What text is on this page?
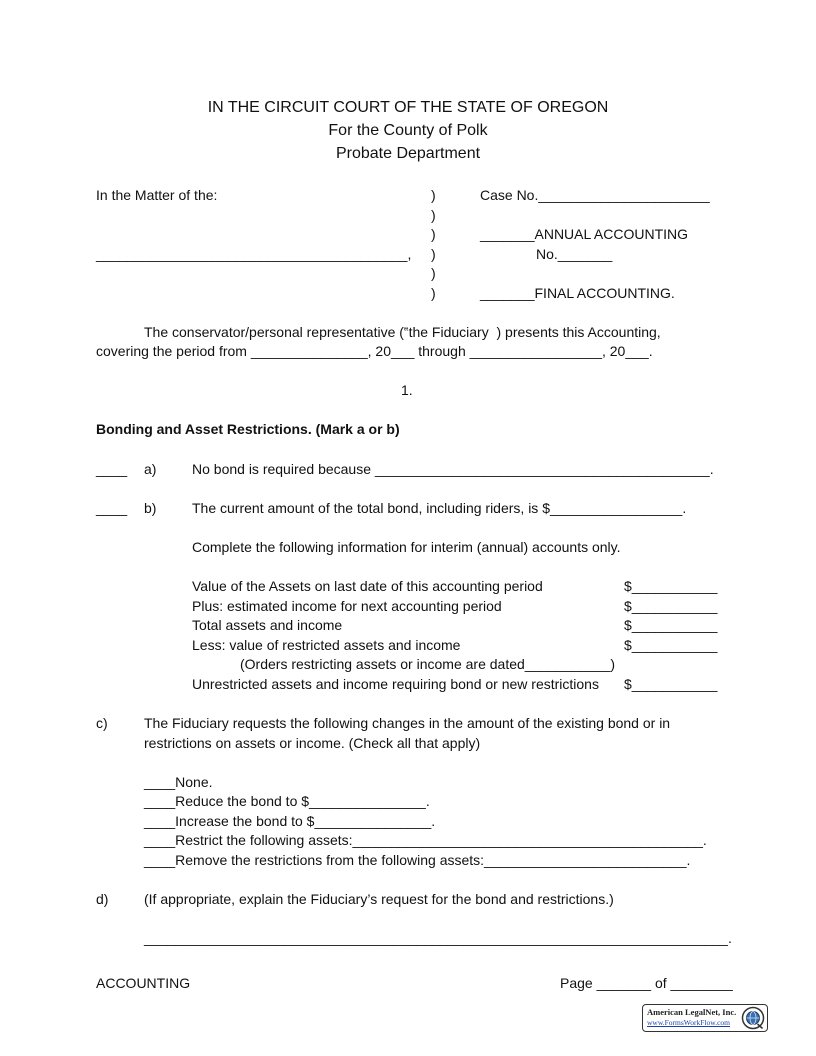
IN THE CIRCUIT COURT OF THE STATE OF OREGON
For the County of Polk
Probate Department
In the Matter of the:
________________________________________,
)
)
)
)
)
)
Case No.______________________
_______ANNUAL ACCOUNTING
No._______
_______FINAL ACCOUNTING.
The conservator/personal representative (‟the Fiduciary  ) presents this Accounting,
covering the period from _______________, 20___ through _________________, 20___.
1.
Bonding and Asset Restrictions. (Mark a or b)
____ a)	No bond is required because ___________________________________________.
____ b)	The current amount of the total bond, including riders, is $_________________.
Complete the following information for interim (annual) accounts only.
Value of the Assets on last date of this accounting period	$___________
Plus: estimated income for next accounting period	$___________
Total assets and income	$___________
Less: value of restricted assets and income	$___________
(Orders restricting assets or income are dated___________)
Unrestricted assets and income requiring bond or new restrictions $___________
c)	The Fiduciary requests the following changes in the amount of the existing bond or in
restrictions on assets or income. (Check all that apply)
____None.
____Reduce the bond to $_______________.
____Increase the bond to $_______________.
____Restrict the following assets:_____________________________________________.
____Remove the restrictions from the following assets:__________________________.
d)	(If appropriate, explain the Fiduciary’s request for the bond and restrictions.)
___________________________________________________________________________.
ACCOUNTING	Page _______ of ________
American LegalNet, Inc.
www.FormsWorkFlow.com
